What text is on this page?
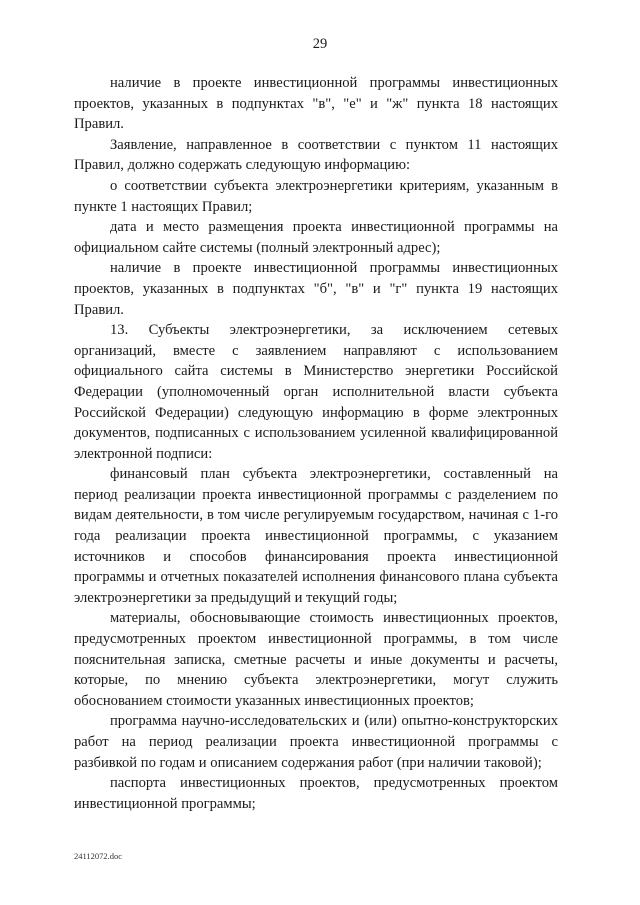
29

наличие в проекте инвестиционной программы инвестиционных проектов, указанных в подпунктах "в", "е" и "ж" пункта 18 настоящих Правил.

Заявление, направленное в соответствии с пунктом 11 настоящих Правил, должно содержать следующую информацию:

о соответствии субъекта электроэнергетики критериям, указанным в пункте 1 настоящих Правил;

дата и место размещения проекта инвестиционной программы на официальном сайте системы (полный электронный адрес);

наличие в проекте инвестиционной программы инвестиционных проектов, указанных в подпунктах "б", "в" и "г" пункта 19 настоящих Правил.

13. Субъекты электроэнергетики, за исключением сетевых организаций, вместе с заявлением направляют с использованием официального сайта системы в Министерство энергетики Российской Федерации (уполномоченный орган исполнительной власти субъекта Российской Федерации) следующую информацию в форме электронных документов, подписанных с использованием усиленной квалифицированной электронной подписи:

финансовый план субъекта электроэнергетики, составленный на период реализации проекта инвестиционной программы с разделением по видам деятельности, в том числе регулируемым государством, начиная с 1-го года реализации проекта инвестиционной программы, с указанием источников и способов финансирования проекта инвестиционной программы и отчетных показателей исполнения финансового плана субъекта электроэнергетики за предыдущий и текущий годы;

материалы, обосновывающие стоимость инвестиционных проектов, предусмотренных проектом инвестиционной программы, в том числе пояснительная записка, сметные расчеты и иные документы и расчеты, которые, по мнению субъекта электроэнергетики, могут служить обоснованием стоимости указанных инвестиционных проектов;

программа научно-исследовательских и (или) опытно-конструкторских работ на период реализации проекта инвестиционной программы с разбивкой по годам и описанием содержания работ (при наличии таковой);

паспорта инвестиционных проектов, предусмотренных проектом инвестиционной программы;

24112072.doc
